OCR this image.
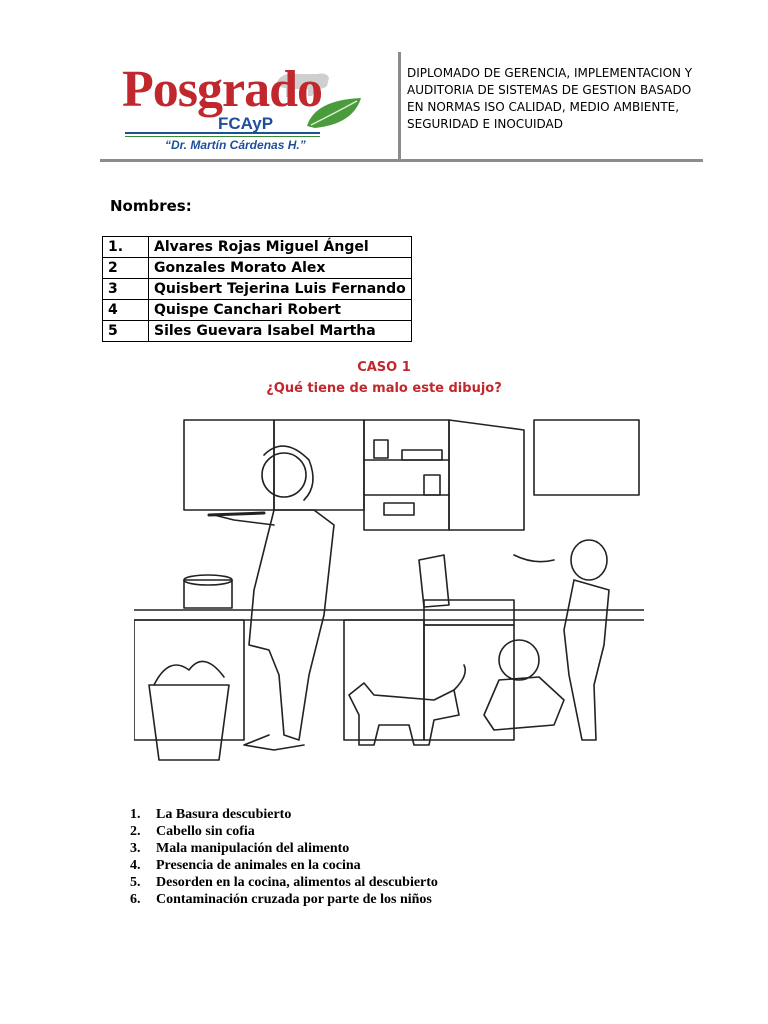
Posgrado
FCAyP
“Dr. Martín Cárdenas H.”
DIPLOMADO DE GERENCIA, IMPLEMENTACION Y
AUDITORIA DE SISTEMAS DE GESTION BASADO
EN NORMAS ISO CALIDAD, MEDIO AMBIENTE,
SEGURIDAD E INOCUIDAD
Nombres:
1.	Alvares Rojas Miguel Ángel
2	Gonzales Morato Alex
3	Quisbert Tejerina Luis Fernando
4	Quispe Canchari Robert
5	Siles Guevara Isabel Martha
CASO 1
¿Qué tiene de malo este dibujo?
1.	La Basura descubierto
2.	Cabello sin cofia
3.	Mala manipulación del alimento
4.	Presencia de animales en la cocina
5.	Desorden en la cocina, alimentos al descubierto
6.	Contaminación cruzada por parte de los niños
